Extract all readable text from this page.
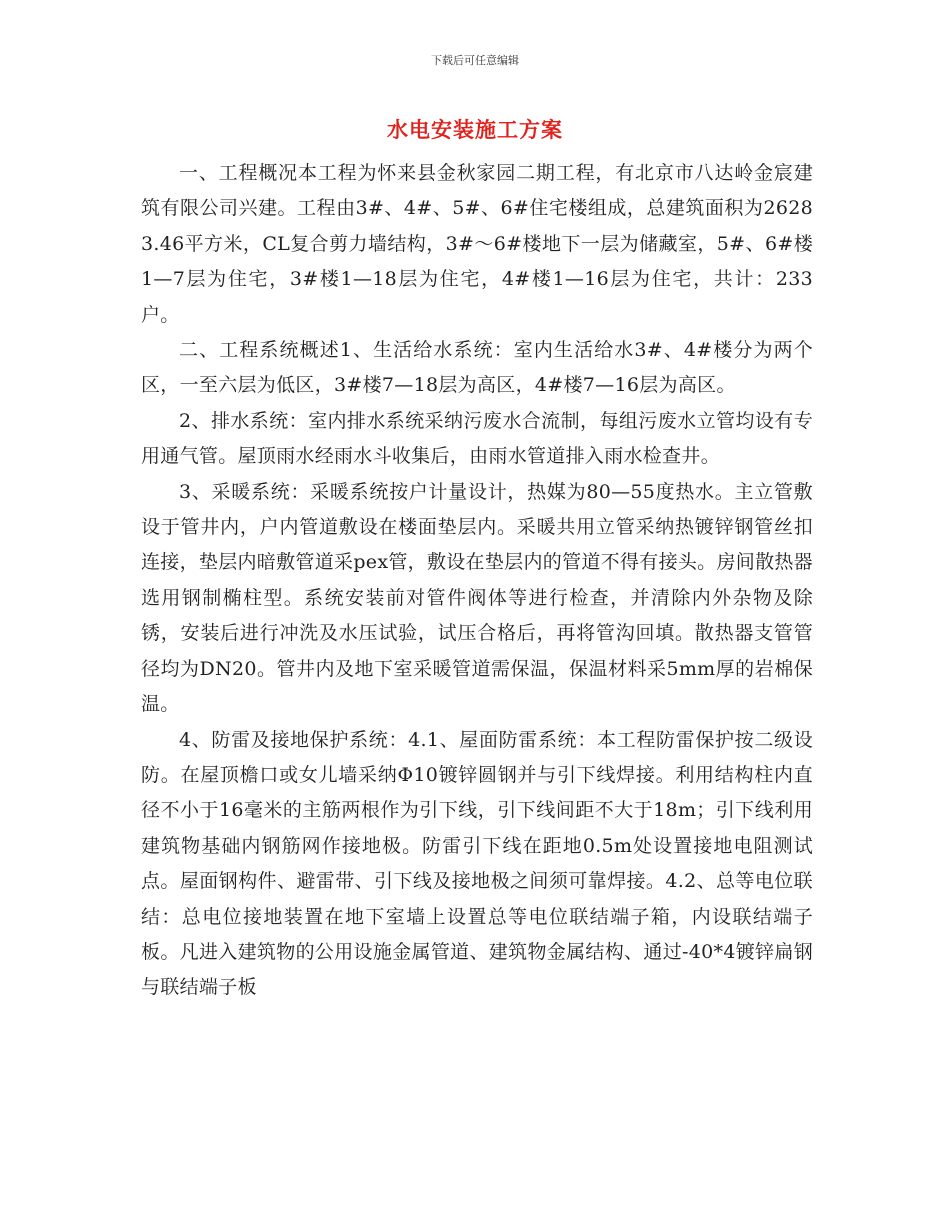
下载后可任意编辑
水电安装施工方案

一、工程概况本工程为怀来县金秋家园二期工程，有北京市八达岭金宸建筑有限公司兴建。工程由3#、4#、5#、6#住宅楼组成，总建筑面积为26283.46平方米，CL复合剪力墙结构，3#～6#楼地下一层为储藏室，5#、6#楼1—7层为住宅，3#楼1—18层为住宅，4#楼1—16层为住宅，共计：233户。

二、工程系统概述1、生活给水系统：室内生活给水3#、4#楼分为两个区，一至六层为低区，3#楼7—18层为高区，4#楼7—16层为高区。

2、排水系统：室内排水系统采纳污废水合流制，每组污废水立管均设有专用通气管。屋顶雨水经雨水斗收集后，由雨水管道排入雨水检查井。

3、采暖系统：采暖系统按户计量设计，热媒为80—55度热水。主立管敷设于管井内，户内管道敷设在楼面垫层内。采暖共用立管采纳热镀锌钢管丝扣连接，垫层内暗敷管道采pex管，敷设在垫层内的管道不得有接头。房间散热器选用钢制椭柱型。系统安装前对管件阀体等进行检查，并清除内外杂物及除锈，安装后进行冲洗及水压试验，试压合格后，再将管沟回填。散热器支管管径均为DN20。管井内及地下室采暖管道需保温，保温材料采5mm厚的岩棉保温。

4、防雷及接地保护系统：4.1、屋面防雷系统：本工程防雷保护按二级设防。在屋顶檐口或女儿墙采纳Φ10镀锌圆钢并与引下线焊接。利用结构柱内直径不小于16毫米的主筋两根作为引下线，引下线间距不大于18m；引下线利用建筑物基础内钢筋网作接地极。防雷引下线在距地0.5m处设置接地电阻测试点。屋面钢构件、避雷带、引下线及接地极之间须可靠焊接。4.2、总等电位联结：总电位接地装置在地下室墙上设置总等电位联结端子箱，内设联结端子板。凡进入建筑物的公用设施金属管道、建筑物金属结构、通过-40*4镀锌扁钢与联结端子板
